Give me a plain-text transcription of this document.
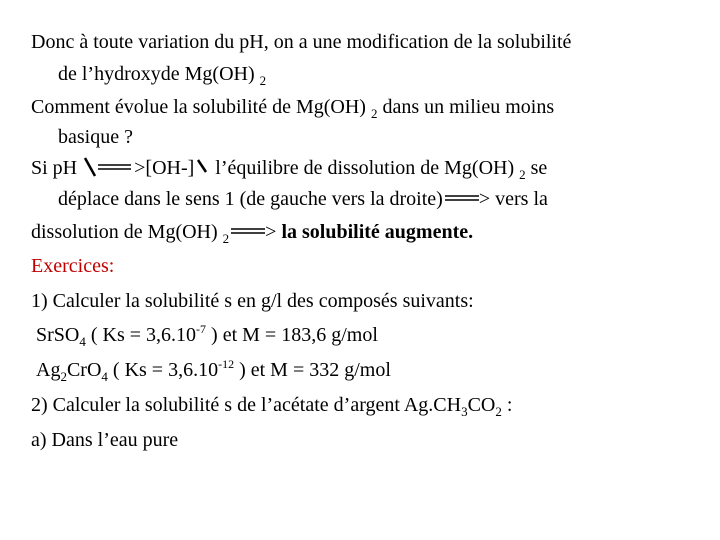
Donc à toute variation du pH, on a une modification de la solubilité
de l’hydroxyde Mg(OH) $_2$
Comment évolue la solubilité de Mg(OH) $_2$ dans un milieu moins
basique ?
Si pH	>[OH-] l’équilibre de dissolution de Mg(OH) $_2$ se
déplace dans le sens 1 (de gauche vers la droite) > vers la
dissolution de Mg(OH) $_2$ > la solubilité augmente.
Exercices:
1) Calculer la solubilité s en g/l des composés suivants:
SrSO$_4$ ( $Ks = 3,6.10^{-7}$ ) et M = 183,6 g/mol
$Ag_2CrO_4$ ( $Ks = 3,6.10^{-12}$ ) et M = 332 g/mol
2) Calculer la solubilité s de l’acétate d’argent $Ag.CH_3CO_2$ :
a) Dans l’eau pure
